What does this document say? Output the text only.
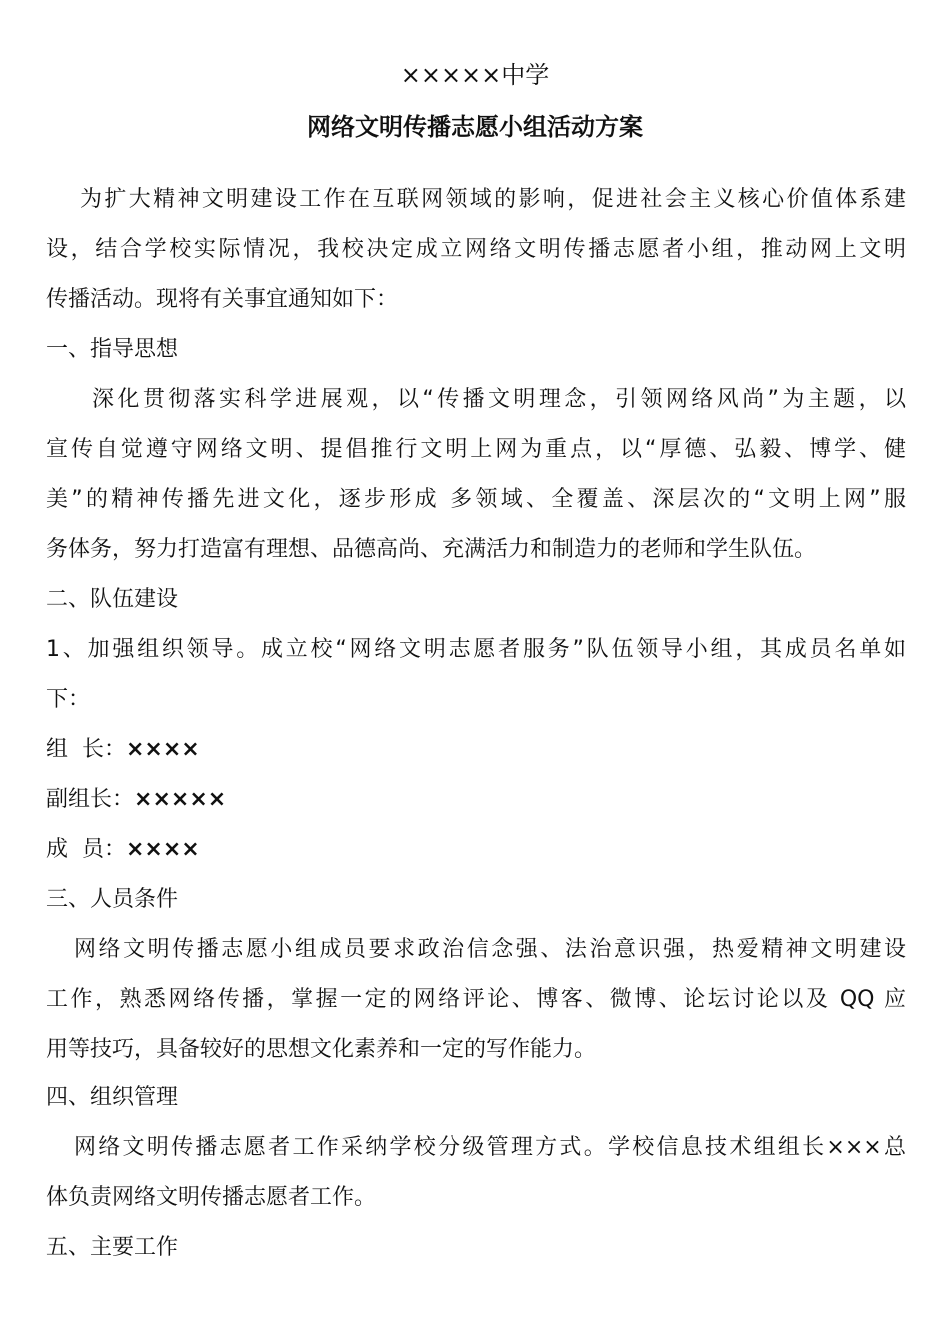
×××××中学
网络文明传播志愿小组活动方案
为扩大精神文明建设工作在互联网领域的影响，促进社会主义核心价值体系建
设，结合学校实际情况，我校决定成立网络文明传播志愿者小组，推动网上文明
传播活动。现将有关事宜通知如下：
一、指导思想
深化贯彻落实科学进展观，以“传播文明理念，引领网络风尚”为主题，以
宣传自觉遵守网络文明、提倡推行文明上网为重点，以“厚德、弘毅、博学、健
美”的精神传播先进文化，逐步形成 多领域、全覆盖、深层次的“文明上网”服
务体务，努力打造富有理想、品德高尚、充满活力和制造力的老师和学生队伍。
二、队伍建设
1、加强组织领导。成立校“网络文明志愿者服务”队伍领导小组，其成员名单如
下：
组  长：××××
副组长：×××××
成  员：××××
三、人员条件
网络文明传播志愿小组成员要求政治信念强、法治意识强，热爱精神文明建设
工作，熟悉网络传播，掌握一定的网络评论、博客、微博、论坛讨论以及 QQ 应
用等技巧，具备较好的思想文化素养和一定的写作能力。
四、组织管理
网络文明传播志愿者工作采纳学校分级管理方式。学校信息技术组组长×××总
体负责网络文明传播志愿者工作。
五、主要工作
